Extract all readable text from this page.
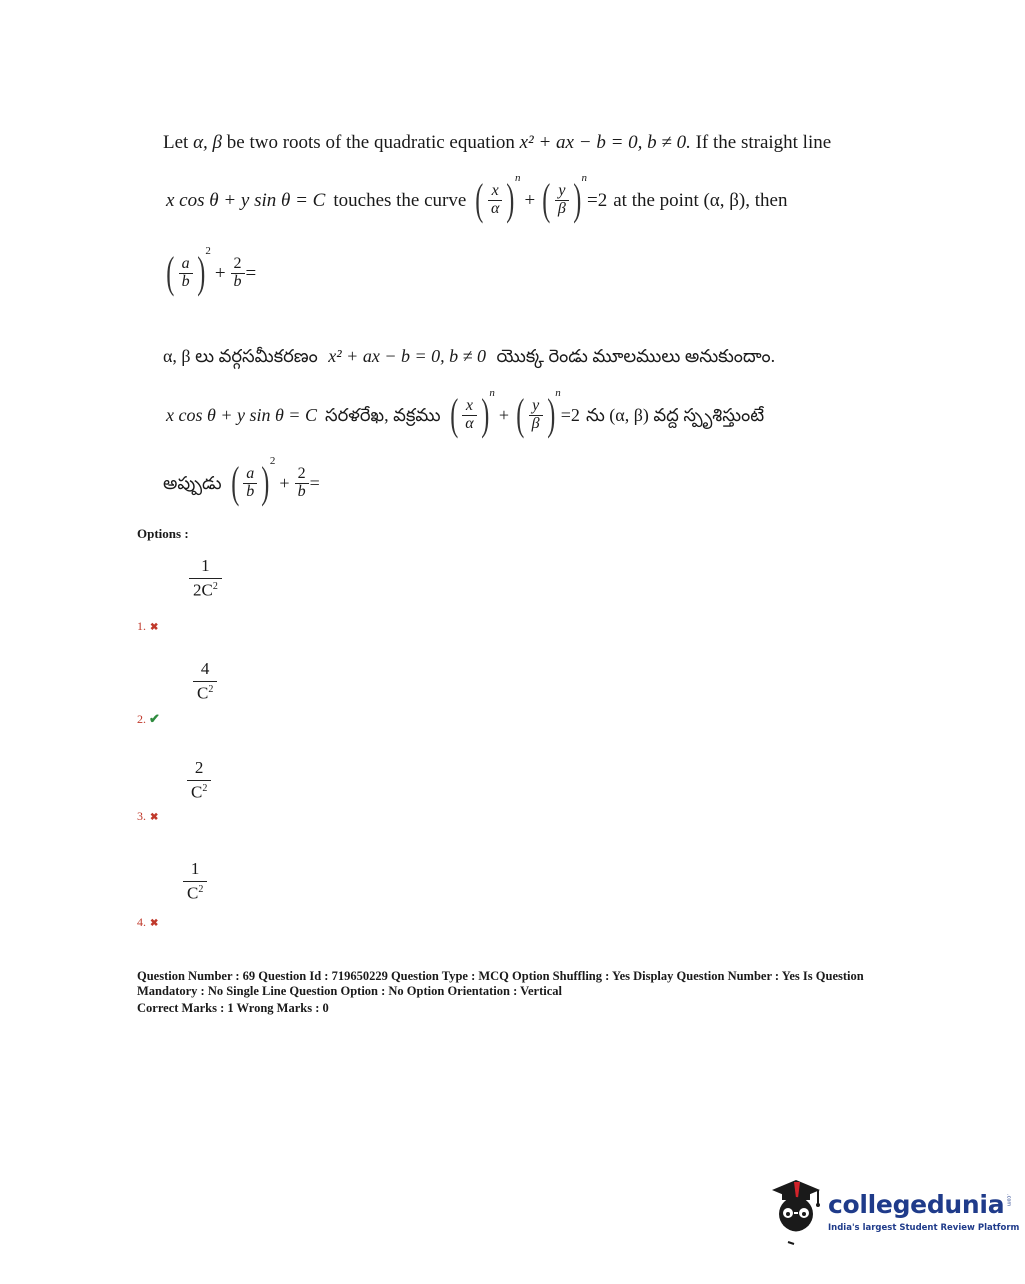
Let α, β be two roots of the quadratic equation x² + ax − b = 0, b ≠ 0. If the straight line
x cos θ + y sin θ = C touches the curve ( $\frac{x}{\alpha}$ ) n
+ ( $\frac{y}{\beta}$ ) n
=2 at the point (α, β), then
( $\frac{a}{b}$ ) 2
+ $\frac{2}{b}$ =
α, β లు వర్గసమీకరణం x² + ax − b = 0, b ≠ 0 యొక్క రెండు మూలములు అనుకుందాం.
x cos θ + y sin θ = C సరళరేఖ, వక్రము ( $\frac{x}{\alpha}$ ) n
+ ( $\frac{y}{\beta}$ ) n
=2 ను (α, β) వద్ద స్పృశిస్తుంటే
అప్పుడు ( $\frac{a}{b}$ ) 2
+ $\frac{2}{b}$ =
Options :
$\frac{1}{2C^2}$
1. ✖
$\frac{4}{C^2}$
2. ✔
$\frac{2}{C^2}$
3. ✖
$\frac{1}{C^2}$
4. ✖
Question Number : 69 Question Id : 719650229 Question Type : MCQ Option Shuffling : Yes Display Question Number : Yes Is Question
Mandatory : No Single Line Question Option : No Option Orientation : Vertical
Correct Marks : 1 Wrong Marks : 0
collegedunia .com
India's largest Student Review Platform
